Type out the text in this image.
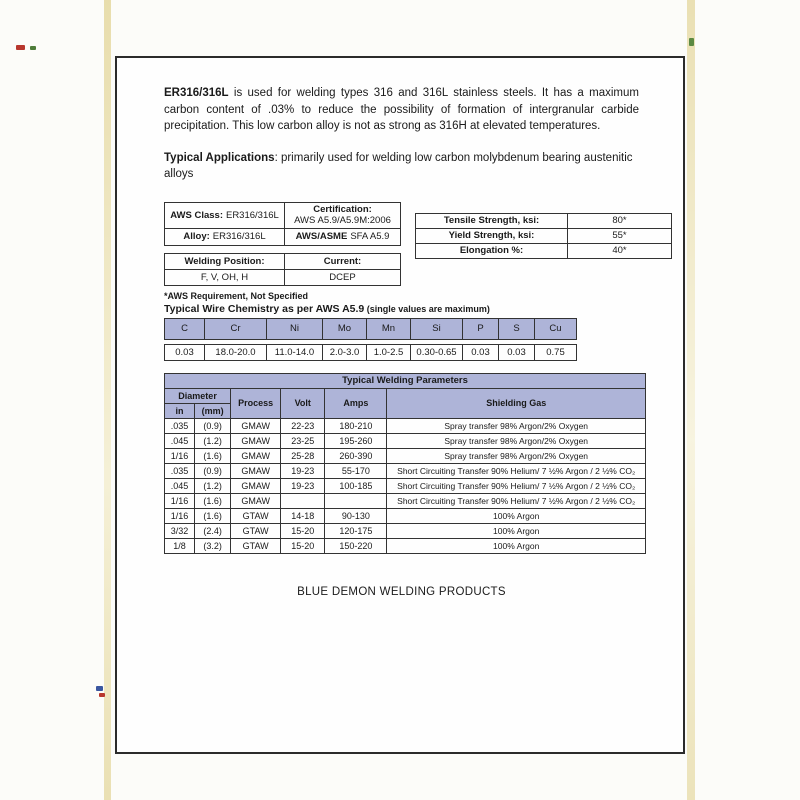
ER316/316L is used for welding types 316 and 316L stainless steels. It has a maximum carbon content of .03% to reduce the possibility of formation of intergranular carbide precipitation. This low carbon alloy is not as strong as 316H at elevated temperatures.

Typical Applications: primarily used for welding low carbon molybdenum bearing austenitic alloys

AWS Class: ER316/316L	Certification:
AWS A5.9/A5.9M:2006
Alloy: ER316/316L	AWS/ASME SFA A5.9
Welding Position:	Current:
F, V, OH, H	DCEP
Tensile Strength, ksi:	80*
Yield Strength, ksi:	55*
Elongation %:	40*
*AWS Requirement, Not Specified
Typical Wire Chemistry as per AWS A5.9 (single values are maximum)
C	Cr	Ni	Mo	Mn	Si	P	S	Cu
0.03	18.0-20.0	11.0-14.0	2.0-3.0	1.0-2.5	0.30-0.65	0.03	0.03	0.75
Typical Welding Parameters					
Diameter		Process	Volt	Amps	Shielding Gas
in	(mm)				
.035	(0.9)	GMAW	22-23	180-210	Spray transfer 98% Argon/2% Oxygen
.045	(1.2)	GMAW	23-25	195-260	Spray transfer 98% Argon/2% Oxygen
1/16	(1.6)	GMAW	25-28	260-390	Spray transfer 98% Argon/2% Oxygen
.035	(0.9)	GMAW	19-23	55-170	Short Circuiting Transfer 90% Helium/ 7 ½% Argon / 2 ½% CO₂
.045	(1.2)	GMAW	19-23	100-185	Short Circuiting Transfer 90% Helium/ 7 ½% Argon / 2 ½% CO₂
1/16	(1.6)	GMAW			Short Circuiting Transfer 90% Helium/ 7 ½% Argon / 2 ½% CO₂
1/16	(1.6)	GTAW	14-18	90-130	100% Argon
3/32	(2.4)	GTAW	15-20	120-175	100% Argon
1/8	(3.2)	GTAW	15-20	150-220	100% Argon
BLUE DEMON WELDING PRODUCTS
